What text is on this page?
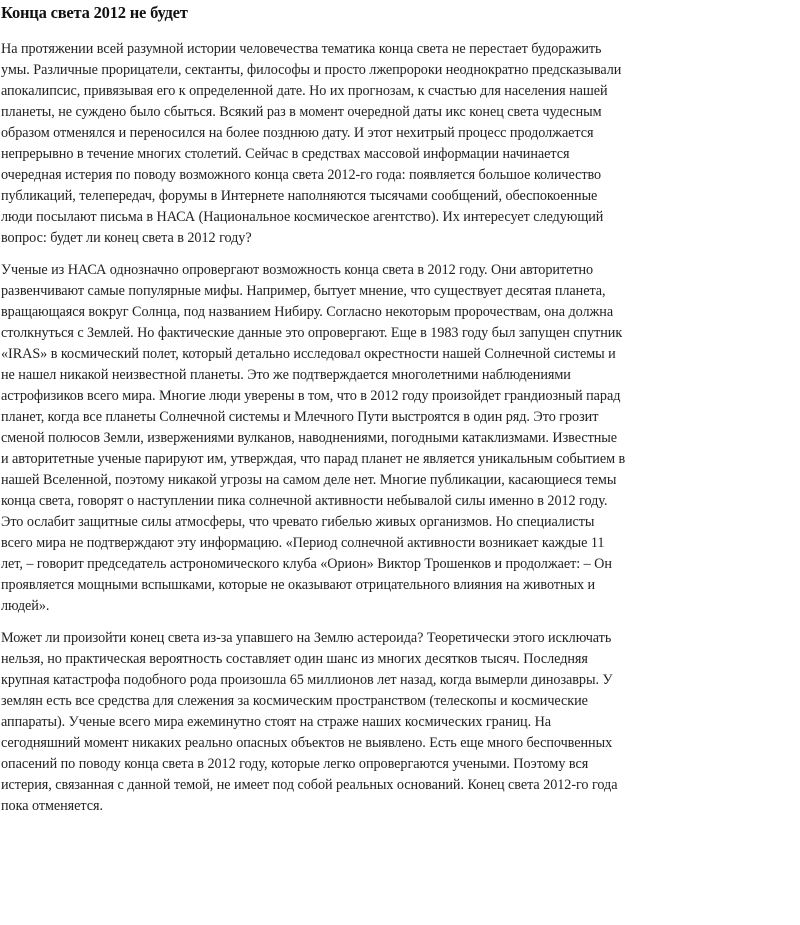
Конца света 2012 не будет

На протяжении всей разумной истории человечества тематика конца света не перестает будоражить умы. Различные прорицатели, сектанты, философы и просто лжепророки неоднократно предсказывали апокалипсис, привязывая его к определенной дате. Но их прогнозам, к счастью для населения нашей планеты, не суждено было сбыться. Всякий раз в момент очередной даты икс конец света чудесным образом отменялся и переносился на более позднюю дату. И этот нехитрый процесс продолжается непрерывно в течение многих столетий. Сейчас в средствах массовой информации начинается очередная истерия по поводу возможного конца света 2012-го года: появляется большое количество публикаций, телепередач, форумы в Интернете наполняются тысячами сообщений, обеспокоенные люди посылают письма в НАСА (Национальное космическое агентство). Их интересует следующий вопрос: будет ли конец света в 2012 году?

Ученые из НАСА однозначно опровергают возможность конца света в 2012 году. Они авторитетно развенчивают самые популярные мифы. Например, бытует мнение, что существует десятая планета, вращающаяся вокруг Солнца, под названием Нибиру. Согласно некоторым пророчествам, она должна столкнуться с Землей. Но фактические данные это опровергают. Еще в 1983 году был запущен спутник «IRAS» в космический полет, который детально исследовал окрестности нашей Солнечной системы и не нашел никакой неизвестной планеты. Это же подтверждается многолетними наблюдениями астрофизиков всего мира. Многие люди уверены в том, что в 2012 году произойдет грандиозный парад планет, когда все планеты Солнечной системы и Млечного Пути выстроятся в один ряд. Это грозит сменой полюсов Земли, извержениями вулканов, наводнениями, погодными катаклизмами. Известные и авторитетные ученые парируют им, утверждая, что парад планет не является уникальным событием в нашей Вселенной, поэтому никакой угрозы на самом деле нет. Многие публикации, касающиеся темы конца света, говорят о наступлении пика солнечной активности небывалой силы именно в 2012 году. Это ослабит защитные силы атмосферы, что чревато гибелью живых организмов. Но специалисты всего мира не подтверждают эту информацию. «Период солнечной активности возникает каждые 11 лет, – говорит председатель астрономического клуба «Орион» Виктор Трошенков и продолжает: – Он проявляется мощными вспышками, которые не оказывают отрицательного влияния на животных и людей».

Может ли произойти конец света из-за упавшего на Землю астероида? Теоретически этого исключать нельзя, но практическая вероятность составляет один шанс из многих десятков тысяч. Последняя крупная катастрофа подобного рода произошла 65 миллионов лет назад, когда вымерли динозавры. У землян есть все средства для слежения за космическим пространством (телескопы и космические аппараты). Ученые всего мира ежеминутно стоят на страже наших космических границ. На сегодняшний момент никаких реально опасных объектов не выявлено. Есть еще много беспочвенных опасений по поводу конца света в 2012 году, которые легко опровергаются учеными. Поэтому вся истерия, связанная с данной темой, не имеет под собой реальных оснований. Конец света 2012-го года пока отменяется.
